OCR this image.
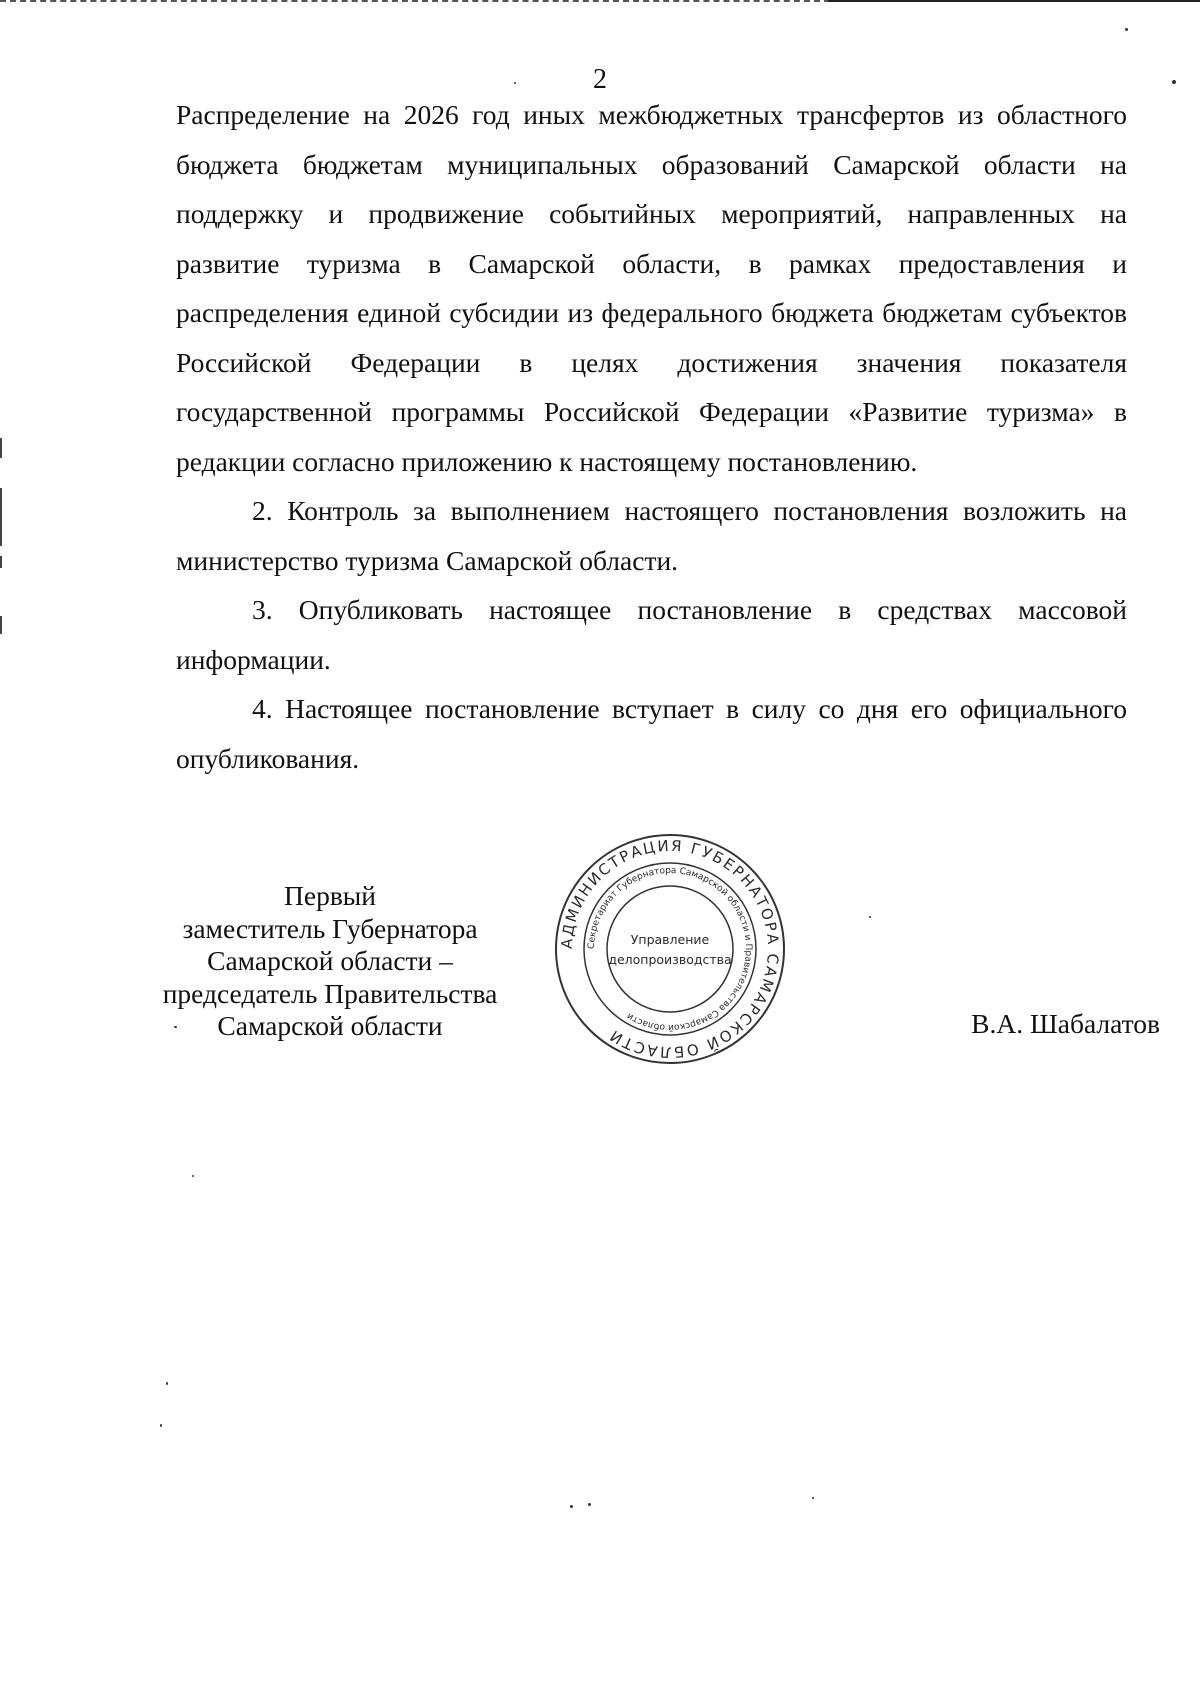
2

Распределение на 2026 год иных межбюджетных трансфертов из областного бюджета бюджетам муниципальных образований Самарской области на поддержку и продвижение событийных мероприятий, направленных на развитие туризма в Самарской области, в рамках предоставления и распределения единой субсидии из федерального бюджета бюджетам субъектов Российской Федерации в целях достижения значения показателя государственной программы Российской Федерации «Развитие туризма» в редакции согласно приложению к настоящему постановлению.

2. Контроль за выполнением настоящего постановления возложить на министерство туризма Самарской области.

3. Опубликовать настоящее постановление в средствах массовой информации.

4. Настоящее постановление вступает в силу со дня его официального опубликования.

Первый
заместитель Губернатора
Самарской области –
председатель Правительства
Самарской области
АДМИНИСТРАЦИЯ ГУБЕРНАТОРА САМАРСКОЙ ОБЛАСТИ
Секретариат Губернатора Самарской области и Правительства Самарской области
Управление
делопроизводства
В.А. Шабалатов
